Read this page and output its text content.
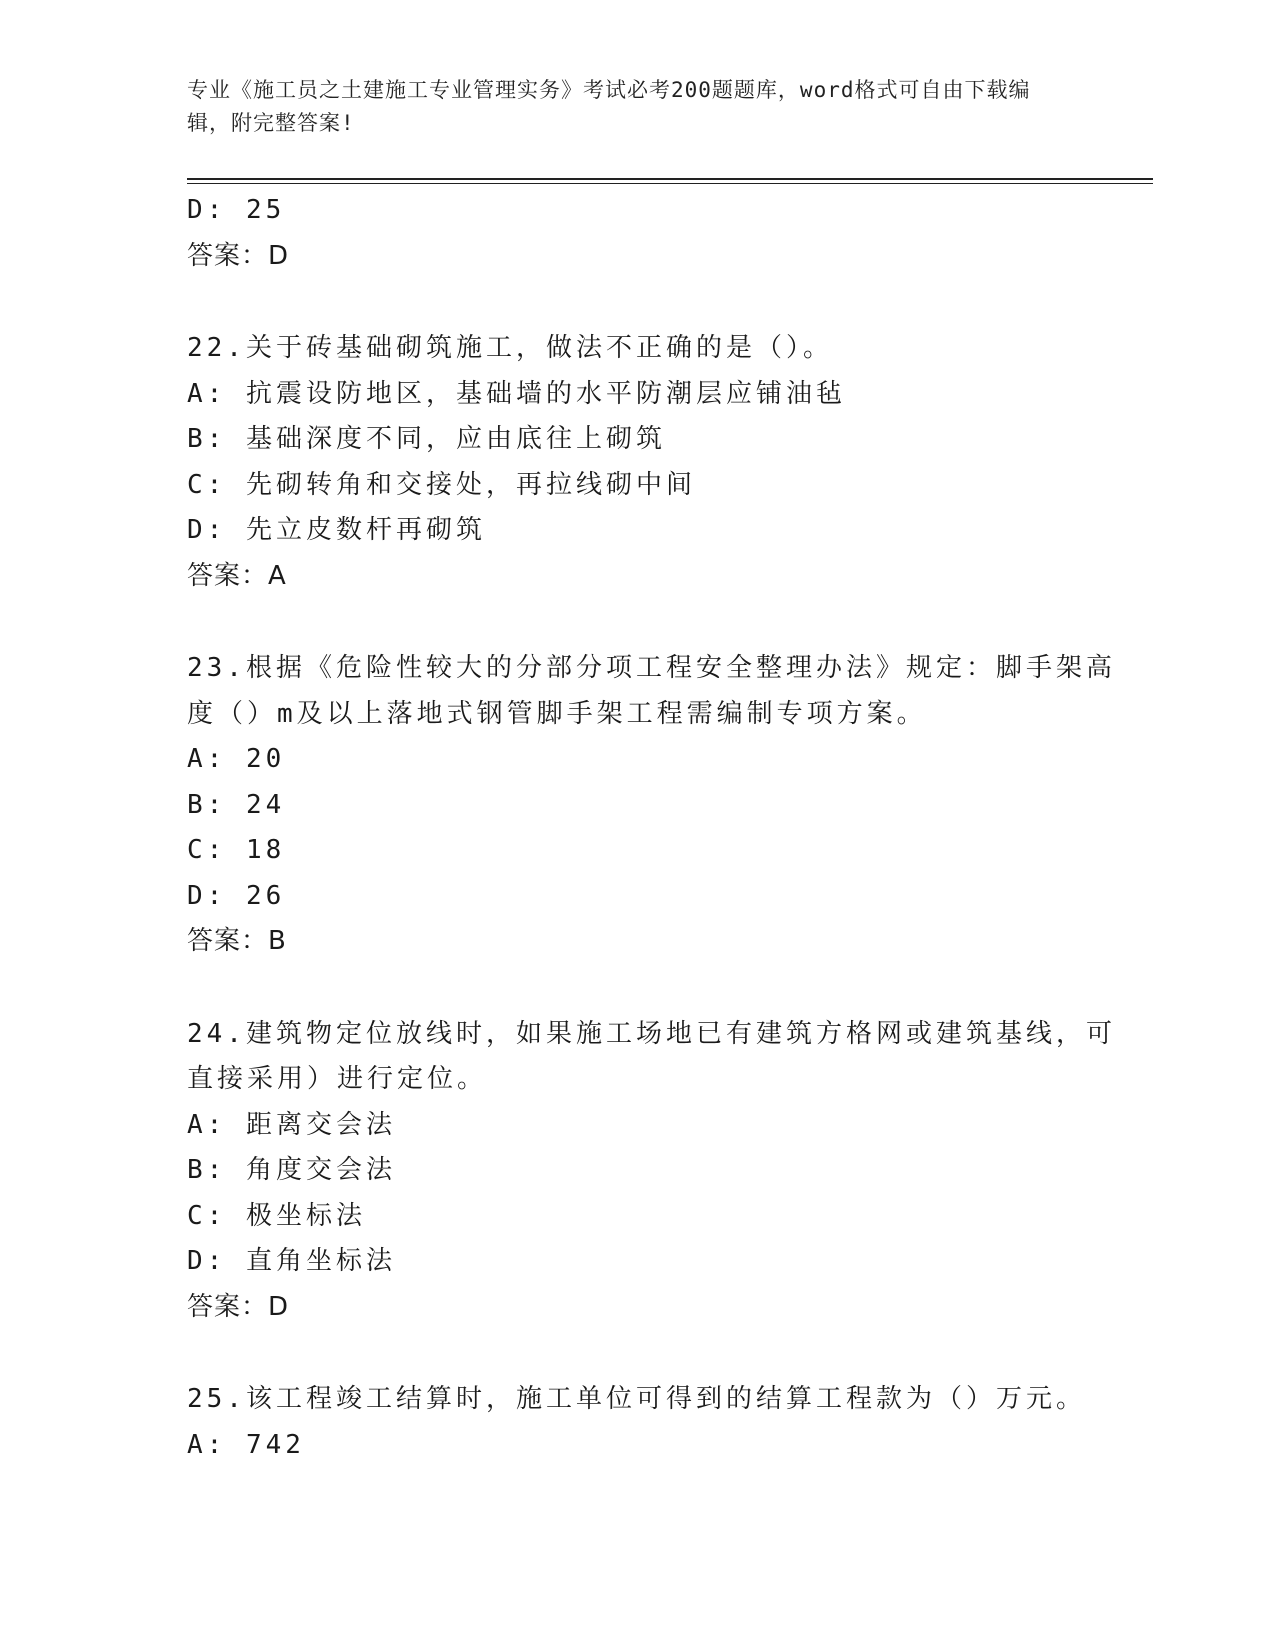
专业《施工员之土建施工专业管理实务》考试必考200题题库，word格式可自由下载编辑，附完整答案!
D: 25
答案：D
22.关于砖基础砌筑施工，做法不正确的是（）。
A: 抗震设防地区，基础墙的水平防潮层应铺油毡
B: 基础深度不同，应由底往上砌筑
C: 先砌转角和交接处，再拉线砌中间
D: 先立皮数杆再砌筑
答案：A
23.根据《危险性较大的分部分项工程安全整理办法》规定：脚手架高
度（）m及以上落地式钢管脚手架工程需编制专项方案。
A: 20
B: 24
C: 18
D: 26
答案：B
24.建筑物定位放线时，如果施工场地已有建筑方格网或建筑基线，可
直接采用）进行定位。
A: 距离交会法
B: 角度交会法
C: 极坐标法
D: 直角坐标法
答案：D
25.该工程竣工结算时，施工单位可得到的结算工程款为（）万元。
A: 742
